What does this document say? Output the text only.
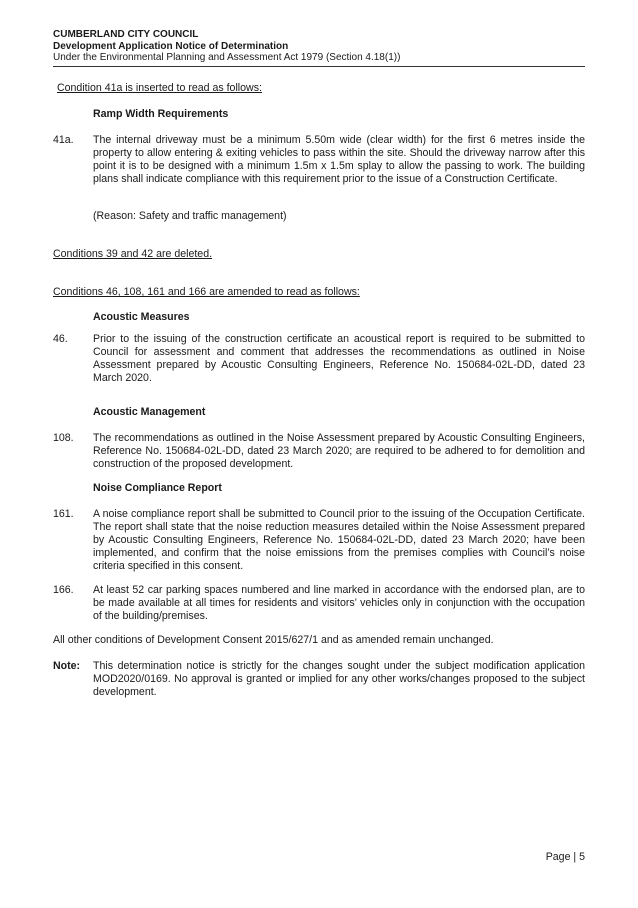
CUMBERLAND CITY COUNCIL
Development Application Notice of Determination
Under the Environmental Planning and Assessment Act 1979 (Section 4.18(1))
Condition 41a is inserted to read as follows:
Ramp Width Requirements
41a. The internal driveway must be a minimum 5.50m wide (clear width) for the first 6 metres inside the property to allow entering & exiting vehicles to pass within the site. Should the driveway narrow after this point it is to be designed with a minimum 1.5m x 1.5m splay to allow the passing to work. The building plans shall indicate compliance with this requirement prior to the issue of a Construction Certificate.
(Reason: Safety and traffic management)
Conditions 39 and 42 are deleted.
Conditions 46, 108, 161 and 166 are amended to read as follows:
Acoustic Measures
46. Prior to the issuing of the construction certificate an acoustical report is required to be submitted to Council for assessment and comment that addresses the recommendations as outlined in Noise Assessment prepared by Acoustic Consulting Engineers, Reference No. 150684-02L-DD, dated 23 March 2020.
Acoustic Management
108. The recommendations as outlined in the Noise Assessment prepared by Acoustic Consulting Engineers, Reference No. 150684-02L-DD, dated 23 March 2020; are required to be adhered to for demolition and construction of the proposed development.
Noise Compliance Report
161. A noise compliance report shall be submitted to Council prior to the issuing of the Occupation Certificate. The report shall state that the noise reduction measures detailed within the Noise Assessment prepared by Acoustic Consulting Engineers, Reference No. 150684-02L-DD, dated 23 March 2020; have been implemented, and confirm that the noise emissions from the premises complies with Council’s noise criteria specified in this consent.
166. At least 52 car parking spaces numbered and line marked in accordance with the endorsed plan, are to be made available at all times for residents and visitors’ vehicles only in conjunction with the occupation of the building/premises.
All other conditions of Development Consent 2015/627/1 and as amended remain unchanged.
Note: This determination notice is strictly for the changes sought under the subject modification application MOD2020/0169. No approval is granted or implied for any other works/changes proposed to the subject development.
Page | 5
